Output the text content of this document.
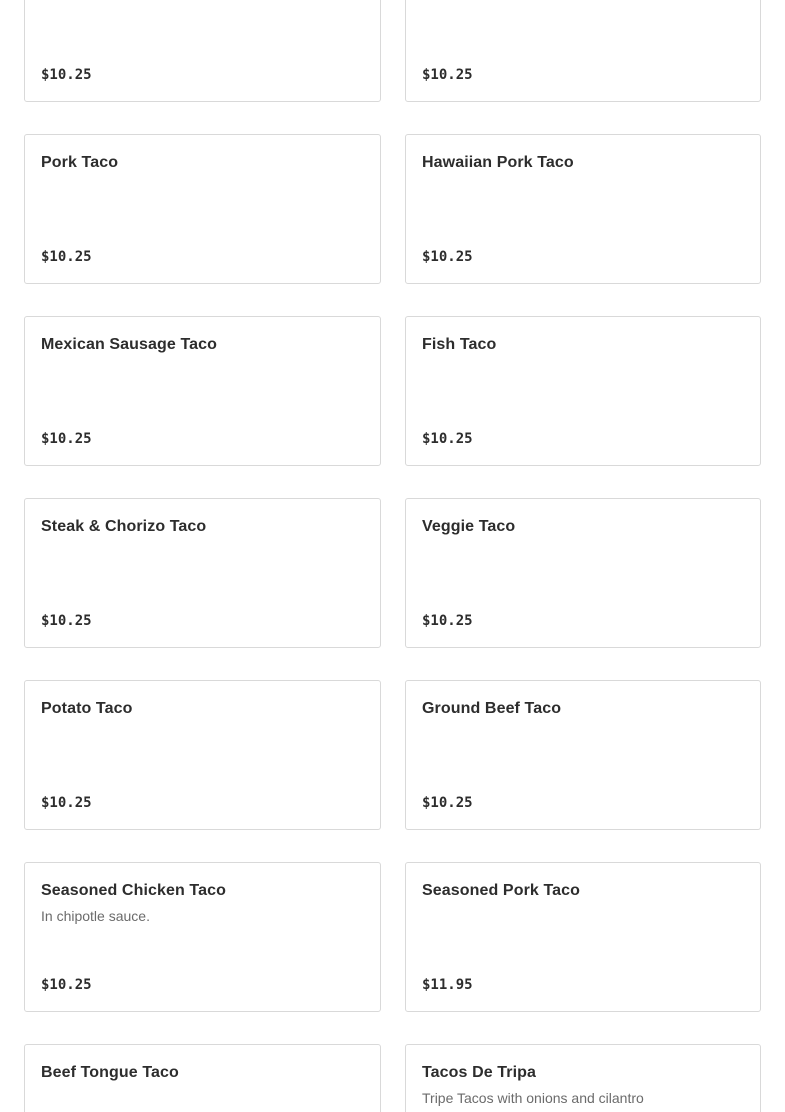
$10.25	$10.25
Pork Taco
$10.25
Hawaiian Pork Taco
$10.25
Mexican Sausage Taco
$10.25
Fish Taco
$10.25
Steak & Chorizo Taco
$10.25
Veggie Taco
$10.25
Potato Taco
$10.25
Ground Beef Taco
$10.25
Seasoned Chicken Taco
In chipotle sauce.
$10.25
Seasoned Pork Taco
$11.95
Beef Tongue Taco	Tacos De Tripa
Tripe Tacos with onions and cilantro
